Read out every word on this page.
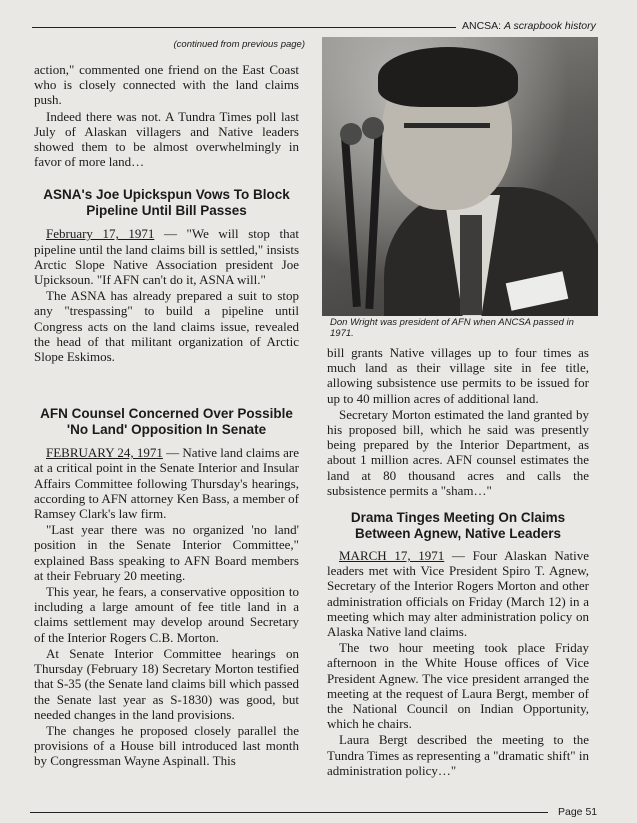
ANCSA: A scrapbook history
(continued from previous page)

action," commented one friend on the East Coast who is closely connected with the land claims push.

Indeed there was not. A Tundra Times poll last July of Alaskan villagers and Native leaders showed them to be almost overwhelmingly in favor of more land…

ASNA's Joe Upickspun Vows To Block Pipeline Until Bill Passes

February 17, 1971 — "We will stop that pipeline until the land claims bill is settled," insists Arctic Slope Native Association president Joe Upicksoun. "If AFN can't do it, ASNA will."

The ASNA has already prepared a suit to stop any "trespassing" to build a pipeline until Congress acts on the land claims issue, revealed the head of that militant organization of Arctic Slope Eskimos.

AFN Counsel Concerned Over Possible 'No Land' Opposition In Senate

FEBRUARY 24, 1971 — Native land claims are at a critical point in the Senate Interior and Insular Affairs Committee following Thursday's hearings, according to AFN attorney Ken Bass, a member of Ramsey Clark's law firm.

"Last year there was no organized 'no land' position in the Senate Interior Committee," explained Bass speaking to AFN Board members at their February 20 meeting.

This year, he fears, a conservative opposition to including a large amount of fee title land in a claims settlement may develop around Secretary of the Interior Rogers C.B. Morton.

At Senate Interior Committee hearings on Thursday (February 18) Secretary Morton testified that S-35 (the Senate land claims bill which passed the Senate last year as S-1830) was good, but needed changes in the land provisions.

The changes he proposed closely parallel the provisions of a House bill introduced last month by Congressman Wayne Aspinall. This

Don Wright was president of AFN when ANCSA passed in 1971.

bill grants Native villages up to four times as much land as their village site in fee title, allowing subsistence use permits to be issued for up to 40 million acres of additional land.

Secretary Morton estimated the land granted by his proposed bill, which he said was presently being prepared by the Interior Department, as about 1 million acres. AFN counsel estimates the land at 80 thousand acres and calls the subsistence permits a "sham…"

Drama Tinges Meeting On Claims Between Agnew, Native Leaders

MARCH 17, 1971 — Four Alaskan Native leaders met with Vice President Spiro T. Agnew, Secretary of the Interior Rogers Morton and other administration officials on Friday (March 12) in a meeting which may alter administration policy on Alaska Native land claims.

The two hour meeting took place Friday afternoon in the White House offices of Vice President Agnew. The vice president arranged the meeting at the request of Laura Bergt, member of the National Council on Indian Opportunity, which he chairs.

Laura Bergt described the meeting to the Tundra Times as representing a "dramatic shift" in administration policy…"

Page 51
